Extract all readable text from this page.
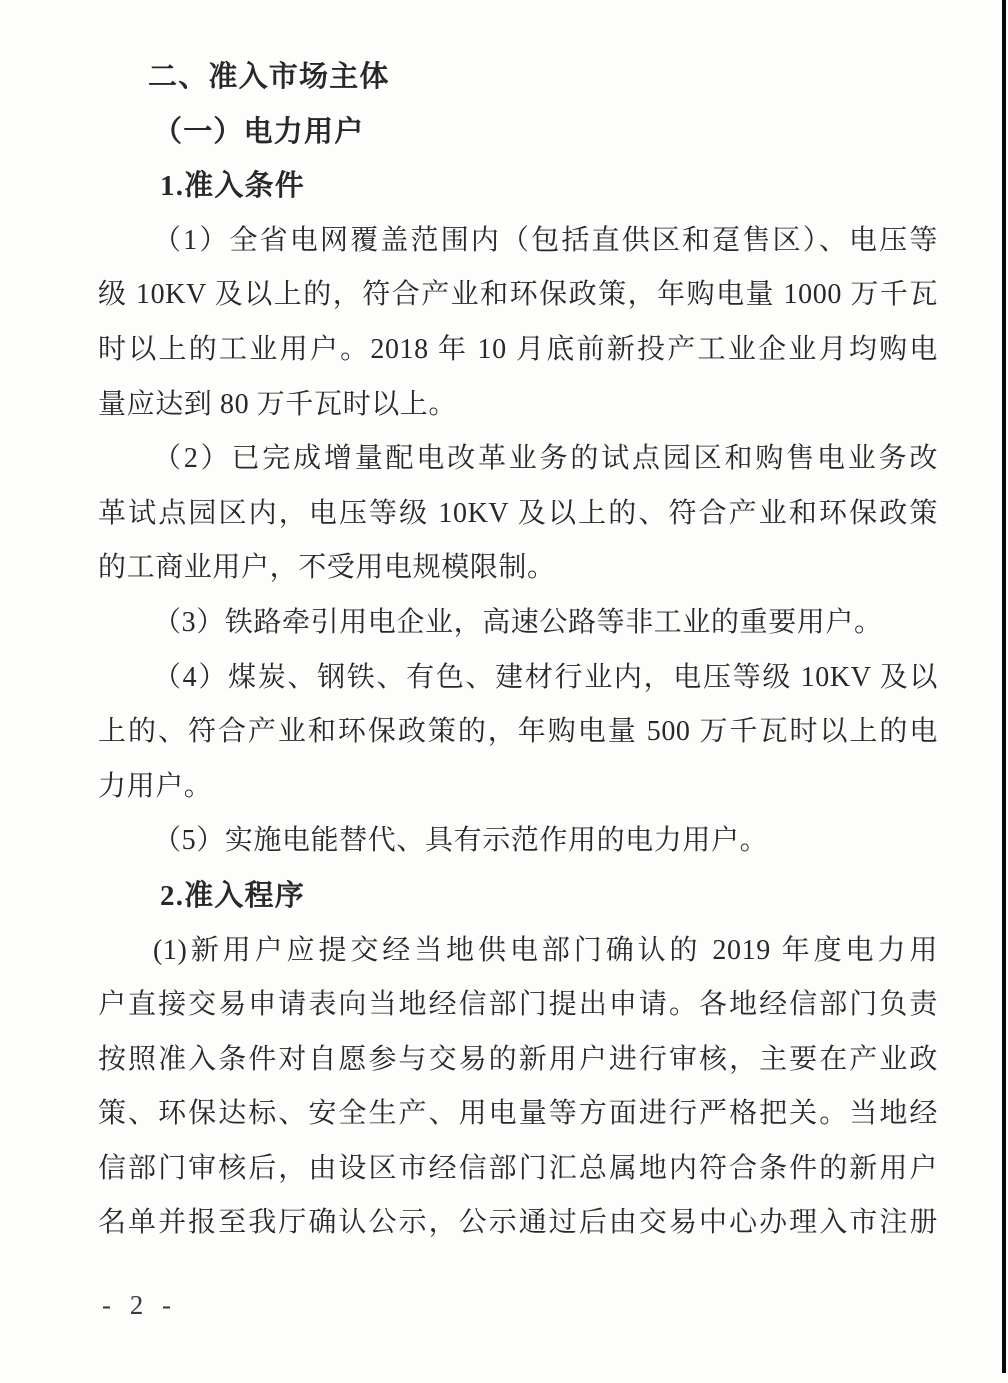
二、准入市场主体
（一）电力用户
1.准入条件
（1）全省电网覆盖范围内（包括直供区和趸售区）、电压等
级 10KV 及以上的，符合产业和环保政策，年购电量 1000 万千瓦
时以上的工业用户。2018 年 10 月底前新投产工业企业月均购电
量应达到 80 万千瓦时以上。
（2）已完成增量配电改革业务的试点园区和购售电业务改
革试点园区内，电压等级 10KV 及以上的、符合产业和环保政策
的工商业用户，不受用电规模限制。
（3）铁路牵引用电企业，高速公路等非工业的重要用户。
（4）煤炭、钢铁、有色、建材行业内，电压等级 10KV 及以
上的、符合产业和环保政策的，年购电量 500 万千瓦时以上的电
力用户。
（5）实施电能替代、具有示范作用的电力用户。
2.准入程序
(1)新用户应提交经当地供电部门确认的 2019 年度电力用
户直接交易申请表向当地经信部门提出申请。各地经信部门负责
按照准入条件对自愿参与交易的新用户进行审核，主要在产业政
策、环保达标、安全生产、用电量等方面进行严格把关。当地经
信部门审核后，由设区市经信部门汇总属地内符合条件的新用户
名单并报至我厅确认公示，公示通过后由交易中心办理入市注册
- 2 -
